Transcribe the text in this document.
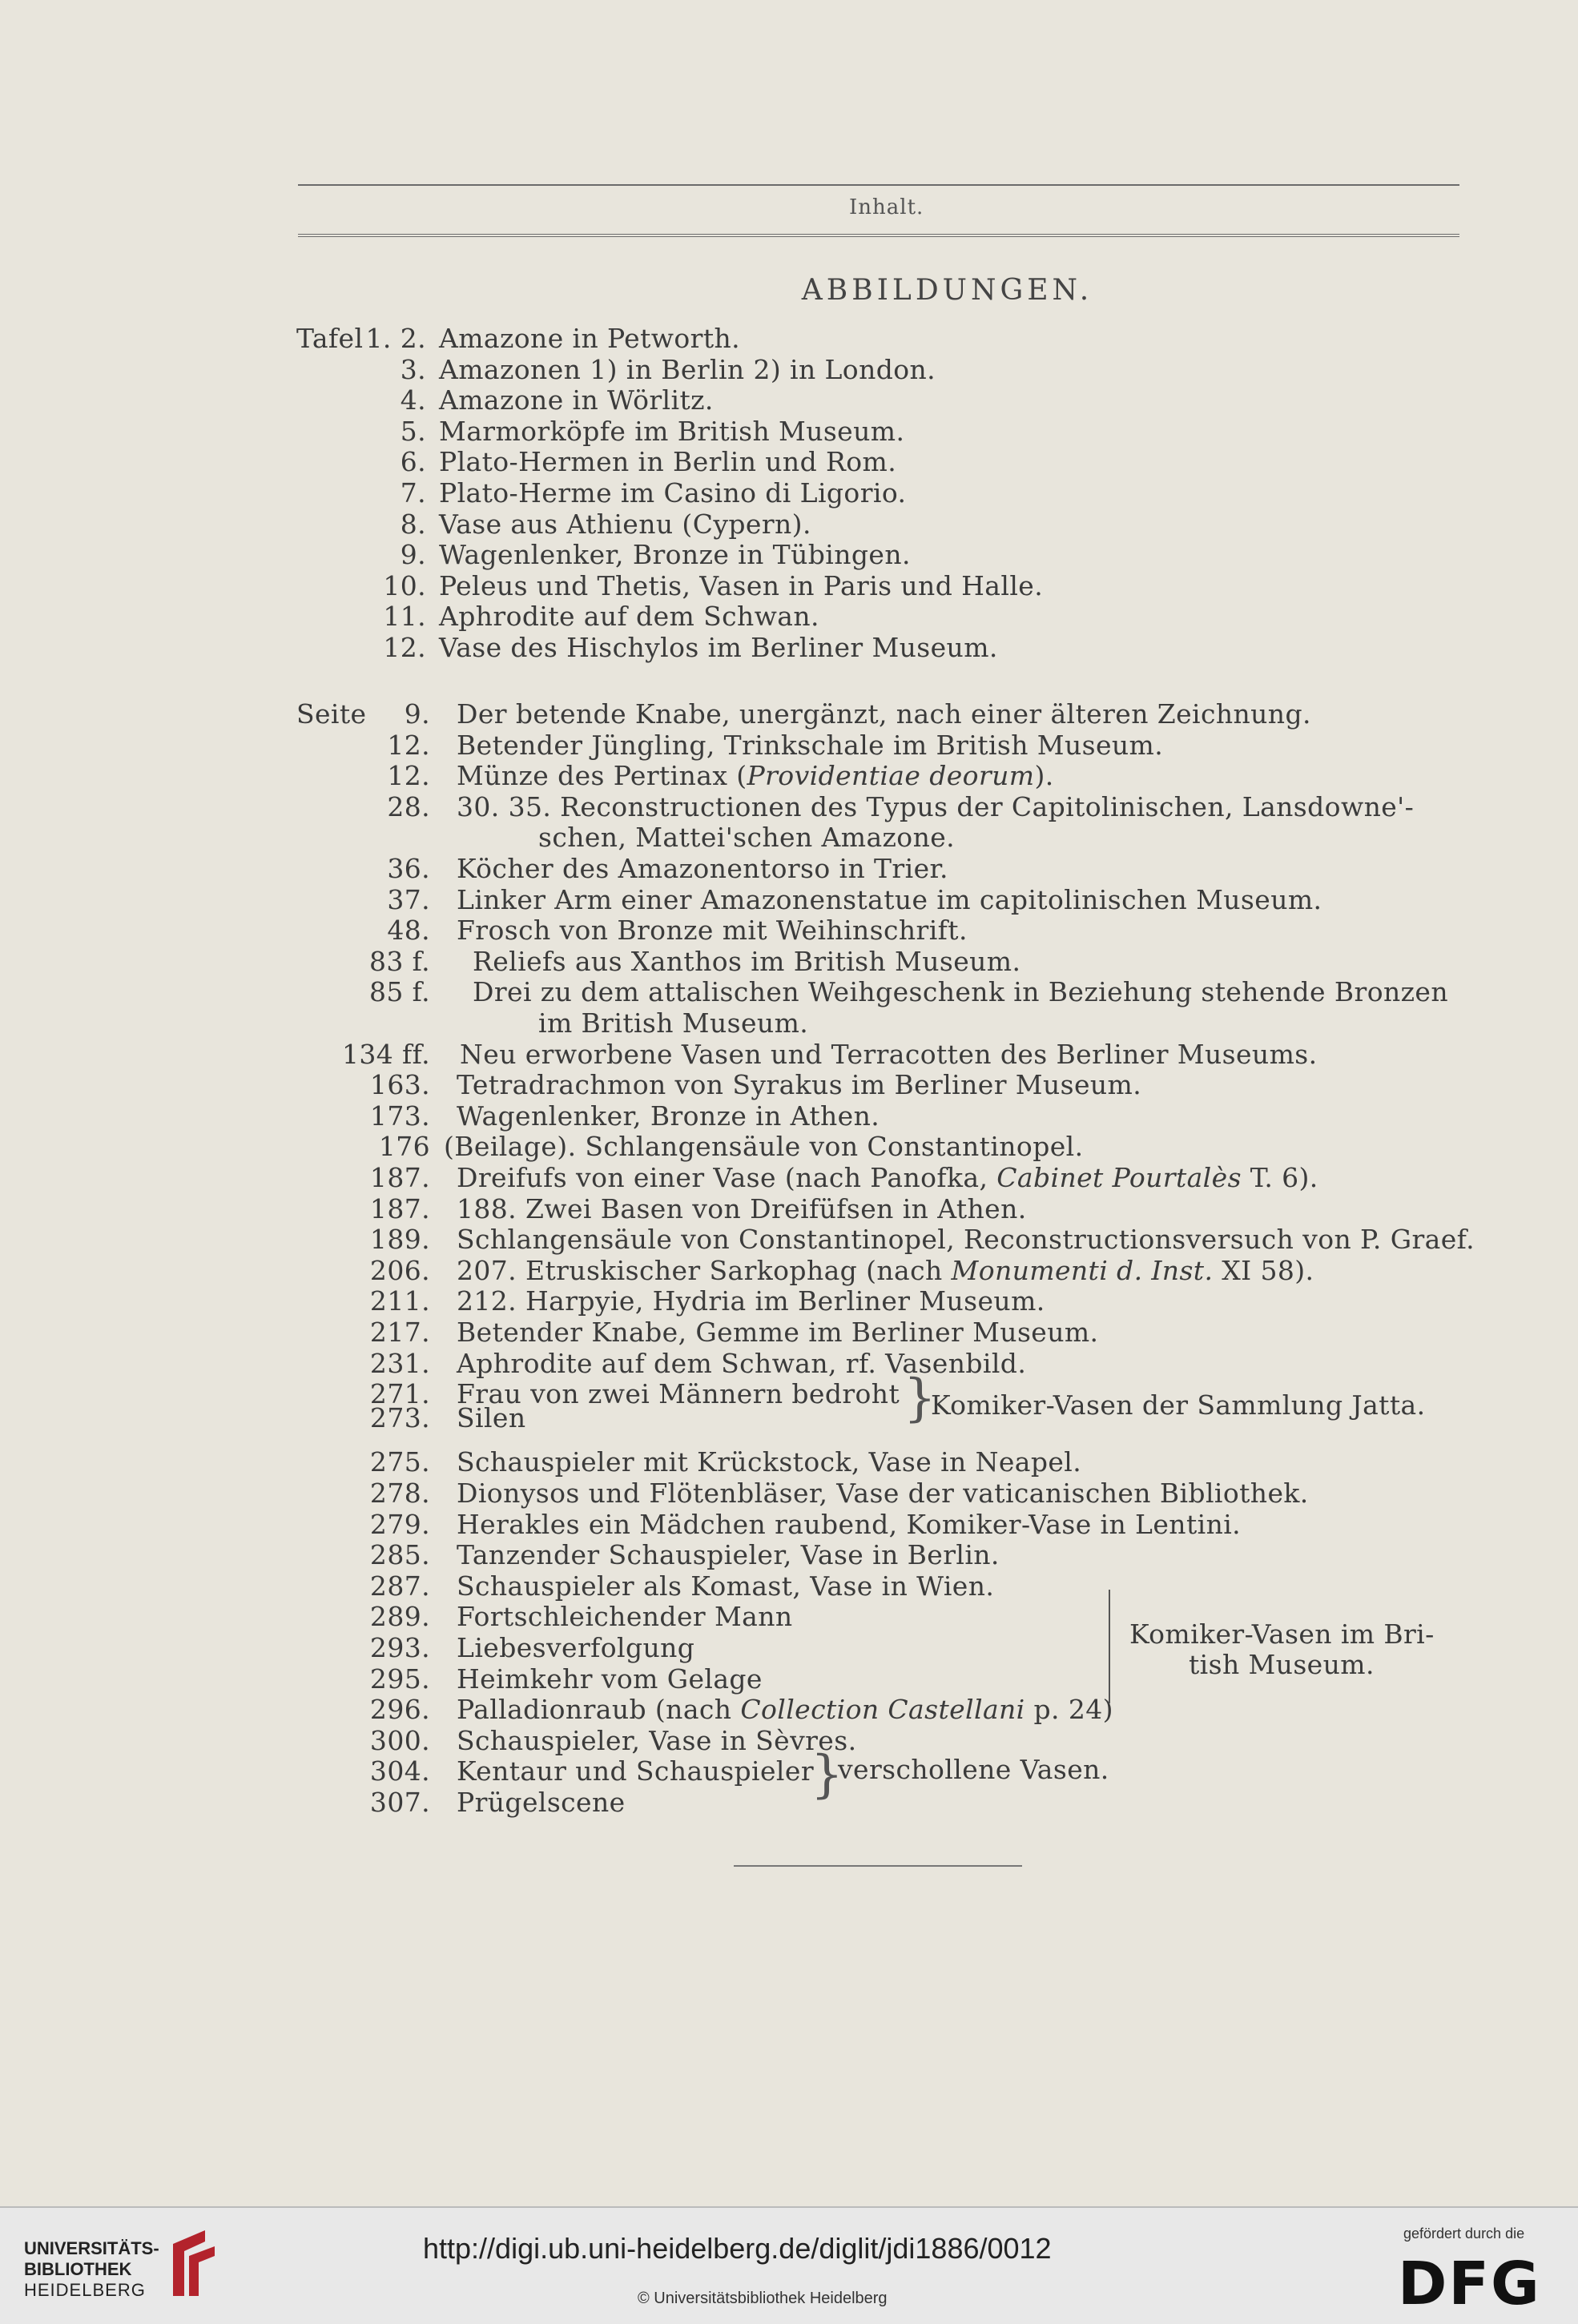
Inhalt.
ABBILDUNGEN.
Tafel 1. 2. Amazone in Petworth.
3. Amazonen 1) in Berlin 2) in London.
4. Amazone in Wörlitz.
5. Marmorköpfe im British Museum.
6. Plato-Hermen in Berlin und Rom.
7. Plato-Herme im Casino di Ligorio.
8. Vase aus Athienu (Cypern).
9. Wagenlenker, Bronze in Tübingen.
10. Peleus und Thetis, Vasen in Paris und Halle.
11. Aphrodite auf dem Schwan.
12. Vase des Hischylos im Berliner Museum.
Seite	9. Der betende Knabe, unergänzt, nach einer älteren Zeichnung.
12. Betender Jüngling, Trinkschale im British Museum.
12. Münze des Pertinax (Providentiae deorum).
28. 30. 35. Reconstructionen des Typus der Capitolinischen, Lansdowne'-
schen, Mattei'schen Amazone.
36. Köcher des Amazonentorso in Trier.
37. Linker Arm einer Amazonenstatue im capitolinischen Museum.
48. Frosch von Bronze mit Weihinschrift.
83 f. Reliefs aus Xanthos im British Museum.
85 f. Drei zu dem attalischen Weihgeschenk in Beziehung stehende Bronzen
im British Museum.
134 ff. Neu erworbene Vasen und Terracotten des Berliner Museums.
163. Tetradrachmon von Syrakus im Berliner Museum.
173. Wagenlenker, Bronze in Athen.
176 (Beilage). Schlangensäule von Constantinopel.
187. Dreifufs von einer Vase (nach Panofka, Cabinet Pourtalès T. 6).
187. 188. Zwei Basen von Dreifüfsen in Athen.
189. Schlangensäule von Constantinopel, Reconstructionsversuch von P. Graef.
206. 207. Etruskischer Sarkophag (nach Monumenti d. Inst. XI 58).
211. 212. Harpyie, Hydria im Berliner Museum.
217. Betender Knabe, Gemme im Berliner Museum.
231. Aphrodite auf dem Schwan, rf. Vasenbild.
271. Frau von zwei Männern bedroht
273. Silen
275. Schauspieler mit Krückstock, Vase in Neapel.
278. Dionysos und Flötenbläser, Vase der vaticanischen Bibliothek.
279. Herakles ein Mädchen raubend, Komiker-Vase in Lentini.
285. Tanzender Schauspieler, Vase in Berlin.
287. Schauspieler als Komast, Vase in Wien.
289. Fortschleichender Mann
293. Liebesverfolgung
295. Heimkehr vom Gelage
296. Palladionraub (nach Collection Castellani p. 24)
300. Schauspieler, Vase in Sèvres.
304. Kentaur und Schauspieler
307. Prügelscene
}
Komiker-Vasen der Sammlung Jatta.
Komiker-Vasen im Bri-
tish Museum.
}
verschollene Vasen.
UNIVERSITÄTS-
BIBLIOTHEK
HEIDELBERG
http://digi.ub.uni-heidelberg.de/diglit/jdi1886/0012
© Universitätsbibliothek Heidelberg
gefördert durch die
DFG
